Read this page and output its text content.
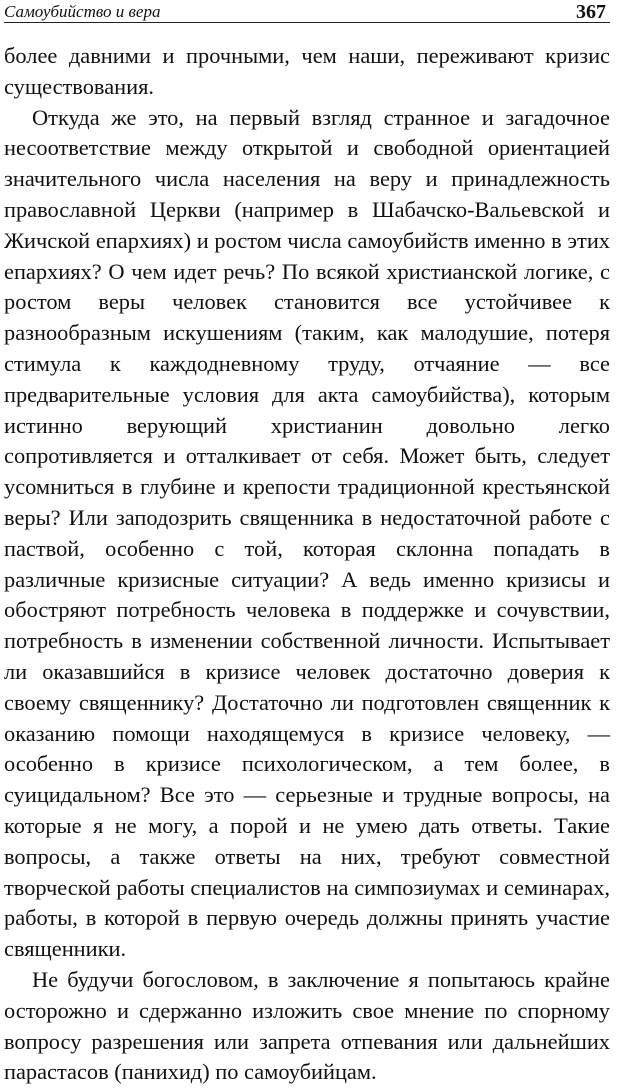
Самоубийство и вера	367

более давними и прочными, чем наши, переживают кризис существования.

Откуда же это, на первый взгляд странное и загадочное несоответствие между открытой и свободной ориентацией значительного числа населения на веру и принадлежность православной Церкви (например в Шабачско-Вальевской и Жичской епархиях) и ростом числа самоубийств именно в этих епархиях? О чем идет речь? По всякой христианской логике, с ростом веры человек становится все устойчивее к разнообразным искушениям (таким, как малодушие, потеря стимула к каждодневному труду, отчаяние — все предварительные условия для акта самоубийства), которым истинно верующий христианин довольно легко сопротивляется и отталкивает от себя. Может быть, следует усомниться в глубине и крепости традиционной крестьянской веры? Или заподозрить священника в недостаточной работе с паствой, особенно с той, которая склонна попадать в различные кризисные ситуации? А ведь именно кризисы и обостряют потребность человека в поддержке и сочувствии, потребность в изменении собственной личности. Испытывает ли оказавшийся в кризисе человек достаточно доверия к своему священнику? Достаточно ли подготовлен священник к оказанию помощи находящемуся в кризисе человеку, — особенно в кризисе психологическом, а тем более, в суицидальном? Все это — серьезные и трудные вопросы, на которые я не могу, а порой и не умею дать ответы. Такие вопросы, а также ответы на них, требуют совместной творческой работы специалистов на симпозиумах и семинарах, работы, в которой в первую очередь должны принять участие священники.

Не будучи богословом, в заключение я попытаюсь крайне осторожно и сдержанно изложить свое мнение по спорному вопросу разрешения или запрета отпевания или дальнейших парастасов (панихид) по самоубийцам.
